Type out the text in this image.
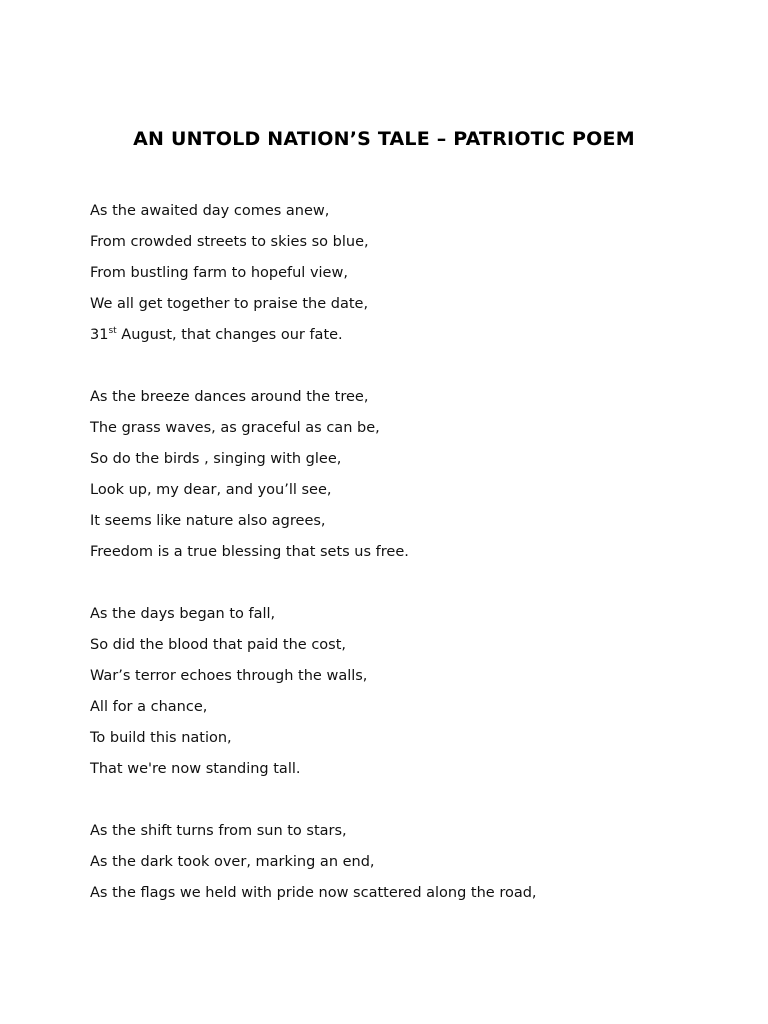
AN UNTOLD NATION’S TALE – PATRIOTIC POEM
As the awaited day comes anew,
From crowded streets to skies so blue,
From bustling farm to hopeful view,
We all get together to praise the date,
31st August, that changes our fate.
As the breeze dances around the tree,
The grass waves, as graceful as can be,
So do the birds , singing with glee,
Look up, my dear, and you’ll see,
It seems like nature also agrees,
Freedom is a true blessing that sets us free.
As the days began to fall,
So did the blood that paid the cost,
War’s terror echoes through the walls,
All for a chance,
To build this nation,
That we're now standing tall.
As the shift turns from sun to stars,
As the dark took over, marking an end,
As the flags we held with pride now scattered along the road,
